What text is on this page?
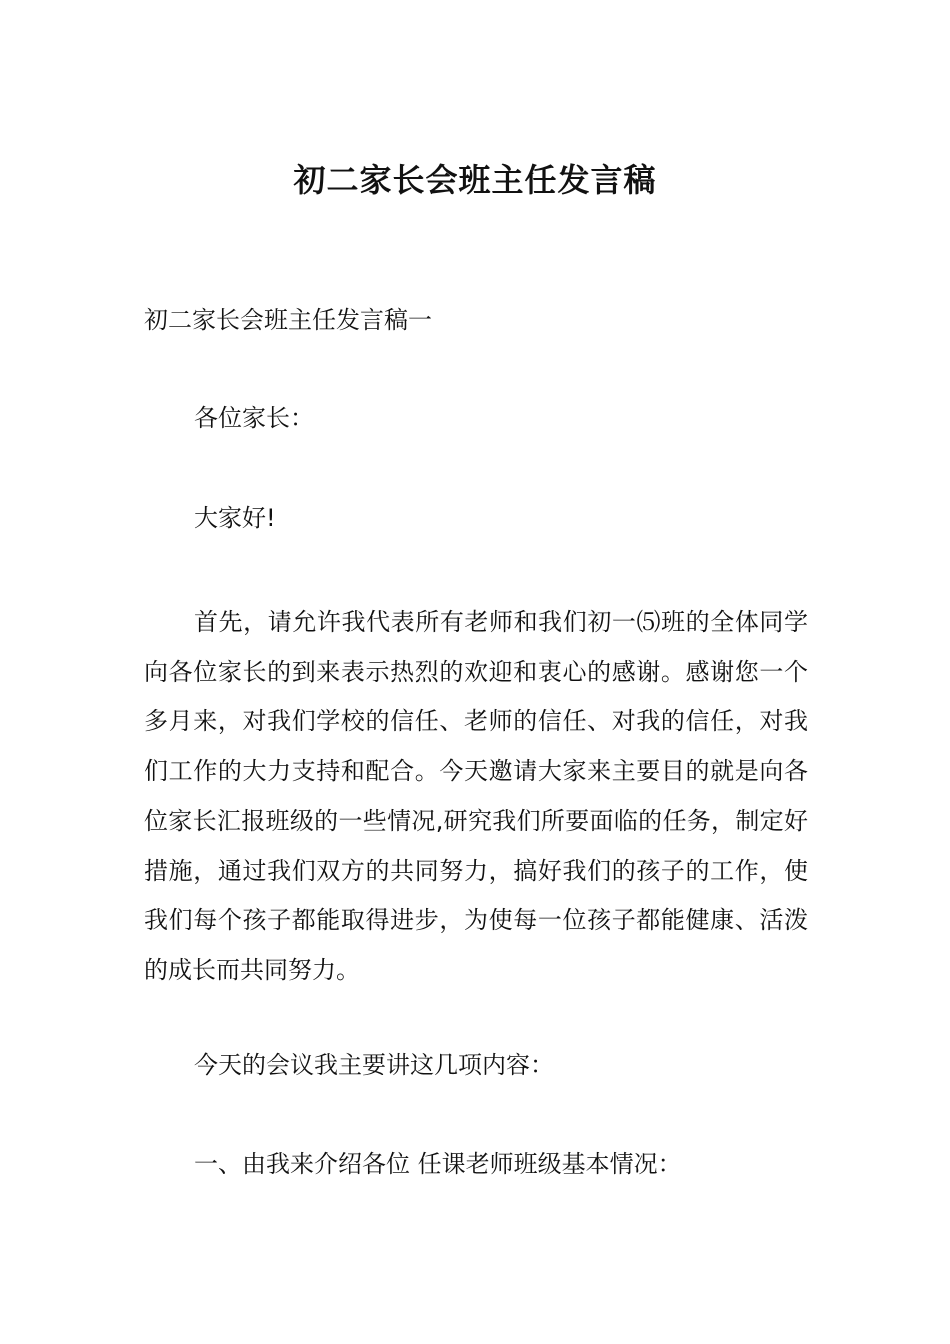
初二家长会班主任发言稿
初二家长会班主任发言稿一
各位家长：
大家好!
首先，请允许我代表所有老师和我们初一⑸班的全体同学向各位家长的到来表示热烈的欢迎和衷心的感谢。感谢您一个多月来，对我们学校的信任、老师的信任、对我的信任，对我们工作的大力支持和配合。今天邀请大家来主要目的就是向各位家长汇报班级的一些情况,研究我们所要面临的任务，制定好措施，通过我们双方的共同努力，搞好我们的孩子的工作，使我们每个孩子都能取得进步，为使每一位孩子都能健康、活泼的成长而共同努力。
今天的会议我主要讲这几项内容：
一、由我来介绍各位 任课老师班级基本情况：
